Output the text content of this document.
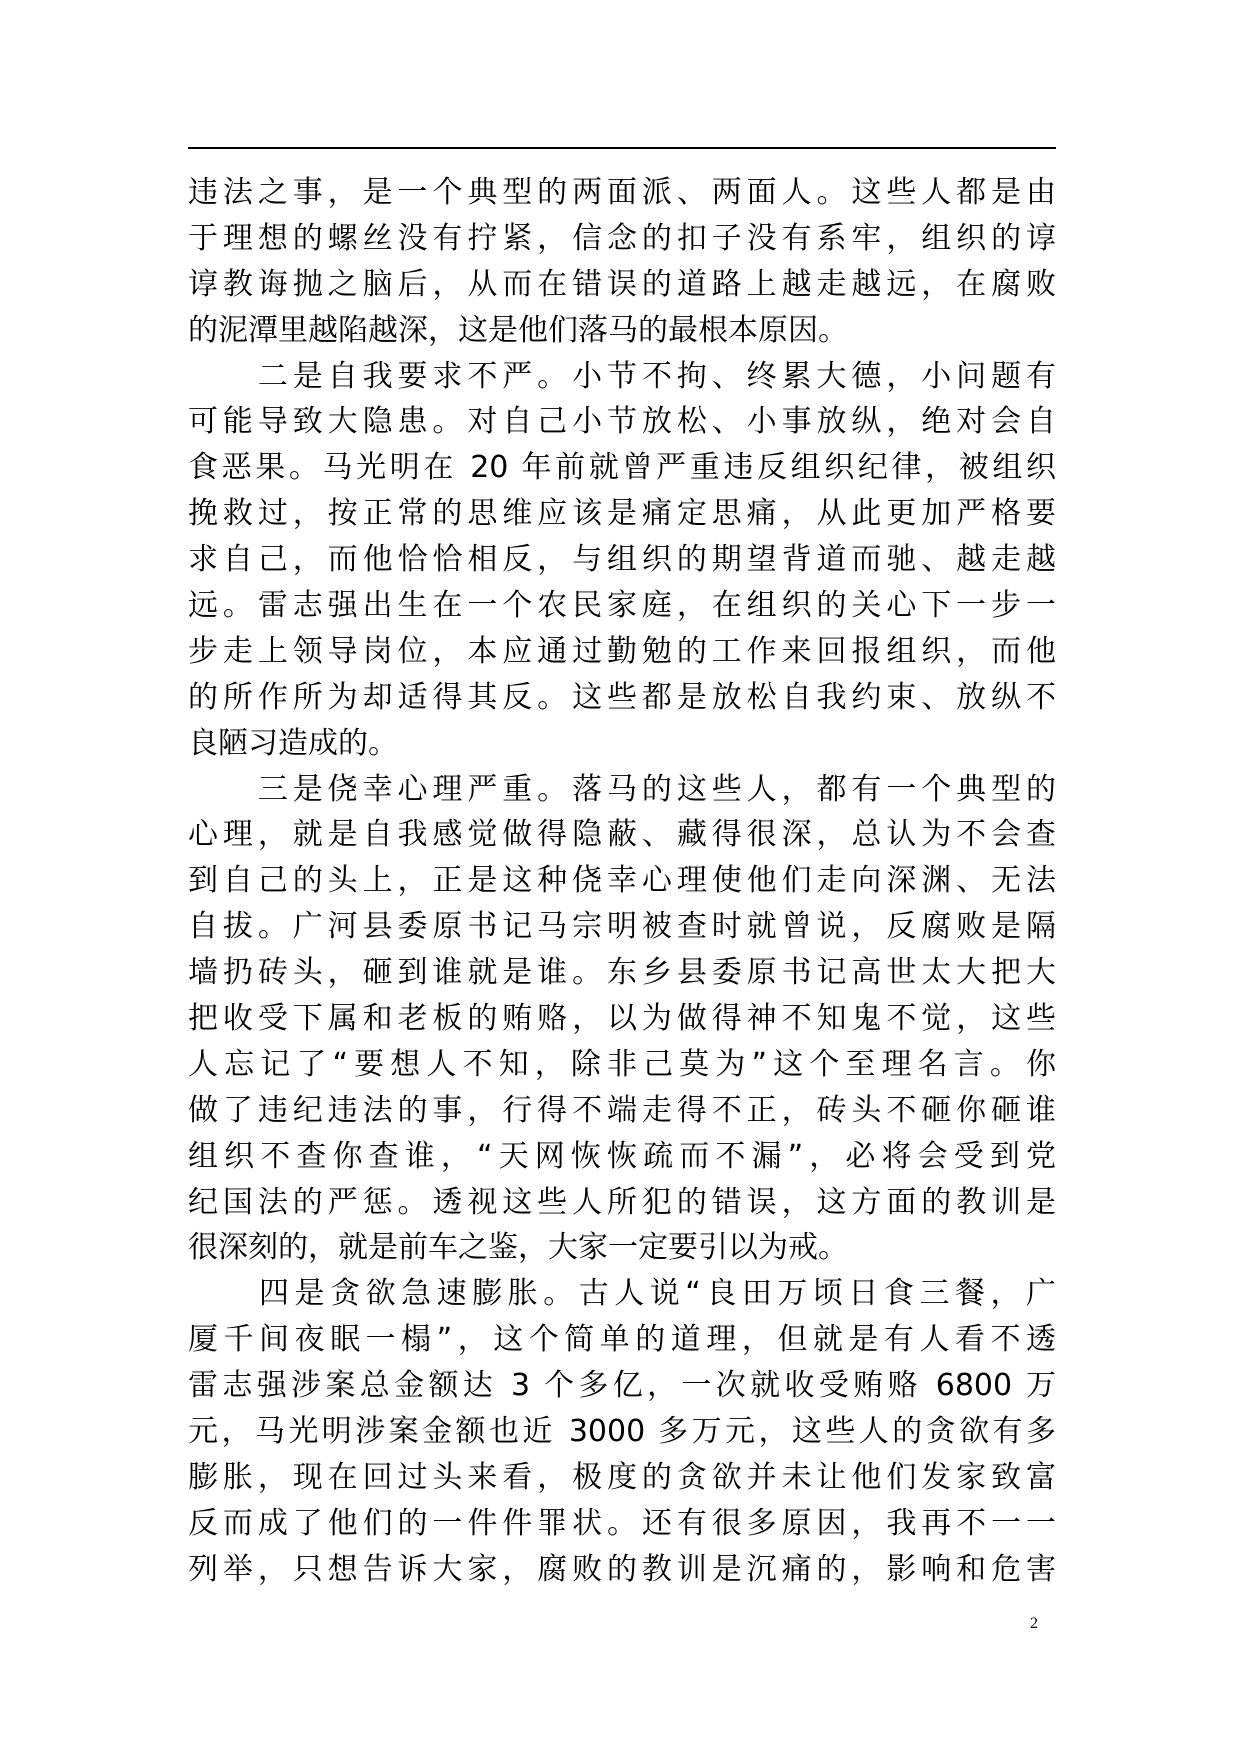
违法之事，是一个典型的两面派、两面人。这些人都是由
于理想的螺丝没有拧紧，信念的扣子没有系牢，组织的谆
谆教诲抛之脑后，从而在错误的道路上越走越远，在腐败
的泥潭里越陷越深，这是他们落马的最根本原因。
　　二是自我要求不严。小节不拘、终累大德，小问题有
可能导致大隐患。对自己小节放松、小事放纵，绝对会自
食恶果。马光明在 20 年前就曾严重违反组织纪律，被组织
挽救过，按正常的思维应该是痛定思痛，从此更加严格要
求自己，而他恰恰相反，与组织的期望背道而驰、越走越
远。雷志强出生在一个农民家庭，在组织的关心下一步一
步走上领导岗位，本应通过勤勉的工作来回报组织，而他
的所作所为却适得其反。这些都是放松自我约束、放纵不
良陋习造成的。
　　三是侥幸心理严重。落马的这些人，都有一个典型的
心理，就是自我感觉做得隐蔽、藏得很深，总认为不会查
到自己的头上，正是这种侥幸心理使他们走向深渊、无法
自拔。广河县委原书记马宗明被查时就曾说，反腐败是隔
墙扔砖头，砸到谁就是谁。东乡县委原书记高世太大把大
把收受下属和老板的贿赂，以为做得神不知鬼不觉，这些
人忘记了“要想人不知，除非己莫为”这个至理名言。你
做了违纪违法的事，行得不端走得不正，砖头不砸你砸谁
组织不查你查谁，“天网恢恢疏而不漏”，必将会受到党
纪国法的严惩。透视这些人所犯的错误，这方面的教训是
很深刻的，就是前车之鉴，大家一定要引以为戒。
　　四是贪欲急速膨胀。古人说“良田万顷日食三餐，广
厦千间夜眠一榻”，这个简单的道理，但就是有人看不透
雷志强涉案总金额达 3 个多亿，一次就收受贿赂 6800 万
元，马光明涉案金额也近 3000 多万元，这些人的贪欲有多
膨胀，现在回过头来看，极度的贪欲并未让他们发家致富
反而成了他们的一件件罪状。还有很多原因，我再不一一
列举，只想告诉大家，腐败的教训是沉痛的，影响和危害
2
